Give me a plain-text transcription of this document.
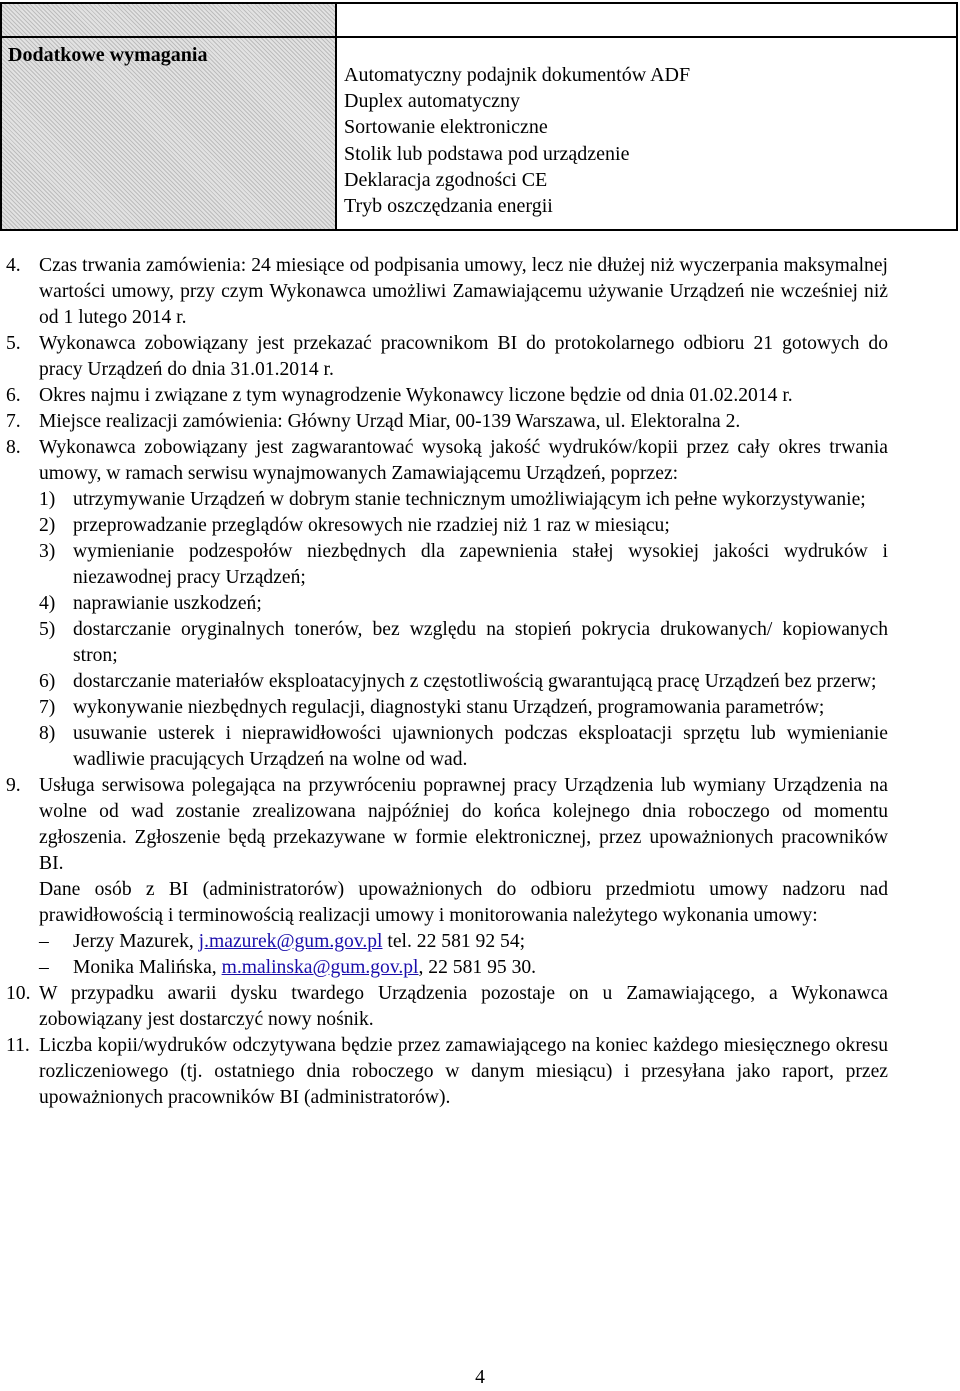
Dodatkowe wymagania
Automatyczny podajnik dokumentów ADF
Duplex automatyczny
Sortowanie elektroniczne
Stolik lub podstawa pod urządzenie
Deklaracja zgodności CE
Tryb oszczędzania energii
4. Czas trwania zamówienia: 24 miesiące od podpisania umowy, lecz nie dłużej niż wyczerpania maksymalnej wartości umowy, przy czym Wykonawca umożliwi Zamawiającemu używanie Urządzeń nie wcześniej niż od 1 lutego 2014 r.
5. Wykonawca zobowiązany jest przekazać pracownikom BI do protokolarnego odbioru 21 gotowych do pracy Urządzeń do dnia 31.01.2014 r.
6. Okres najmu i związane z tym wynagrodzenie Wykonawcy liczone będzie od dnia 01.02.2014 r.
7. Miejsce realizacji zamówienia: Główny Urząd Miar, 00-139 Warszawa, ul. Elektoralna 2.
8. Wykonawca zobowiązany jest zagwarantować wysoką jakość wydruków/kopii przez cały okres trwania umowy, w ramach serwisu wynajmowanych Zamawiającemu Urządzeń, poprzez:
1) utrzymywanie Urządzeń w dobrym stanie technicznym umożliwiającym ich pełne wykorzystywanie;
2) przeprowadzanie przeglądów okresowych nie rzadziej niż 1 raz w miesiącu;
3) wymienianie podzespołów niezbędnych dla zapewnienia stałej wysokiej jakości wydruków i niezawodnej pracy Urządzeń;
4) naprawianie uszkodzeń;
5) dostarczanie oryginalnych tonerów, bez względu na stopień pokrycia drukowanych/ kopiowanych stron;
6) dostarczanie materiałów eksploatacyjnych z częstotliwością gwarantującą pracę Urządzeń bez przerw;
7) wykonywanie niezbędnych regulacji, diagnostyki stanu Urządzeń, programowania parametrów;
8) usuwanie usterek i nieprawidłowości ujawnionych podczas eksploatacji sprzętu lub wymienianie wadliwie pracujących Urządzeń na wolne od wad.
9. Usługa serwisowa polegająca na przywróceniu poprawnej pracy Urządzenia lub wymiany Urządzenia na wolne od wad zostanie zrealizowana najpóźniej do końca kolejnego dnia roboczego od momentu zgłoszenia. Zgłoszenie będą przekazywane w formie elektronicznej, przez upoważnionych pracowników BI.
Dane osób z BI (administratorów) upoważnionych do odbioru przedmiotu umowy nadzoru nad prawidłowością i terminowością realizacji umowy i monitorowania należytego wykonania umowy:
–	Jerzy Mazurek, j.mazurek@gum.gov.pl tel. 22 581 92 54;
–	Monika Malińska, m.malinska@gum.gov.pl, 22 581 95 30.
10. W przypadku awarii dysku twardego Urządzenia pozostaje on u Zamawiającego, a Wykonawca zobowiązany jest dostarczyć nowy nośnik.
11. Liczba kopii/wydruków odczytywana będzie przez zamawiającego na koniec każdego miesięcznego okresu rozliczeniowego (tj. ostatniego dnia roboczego w danym miesiącu) i przesyłana jako raport, przez upoważnionych pracowników BI (administratorów).
4
